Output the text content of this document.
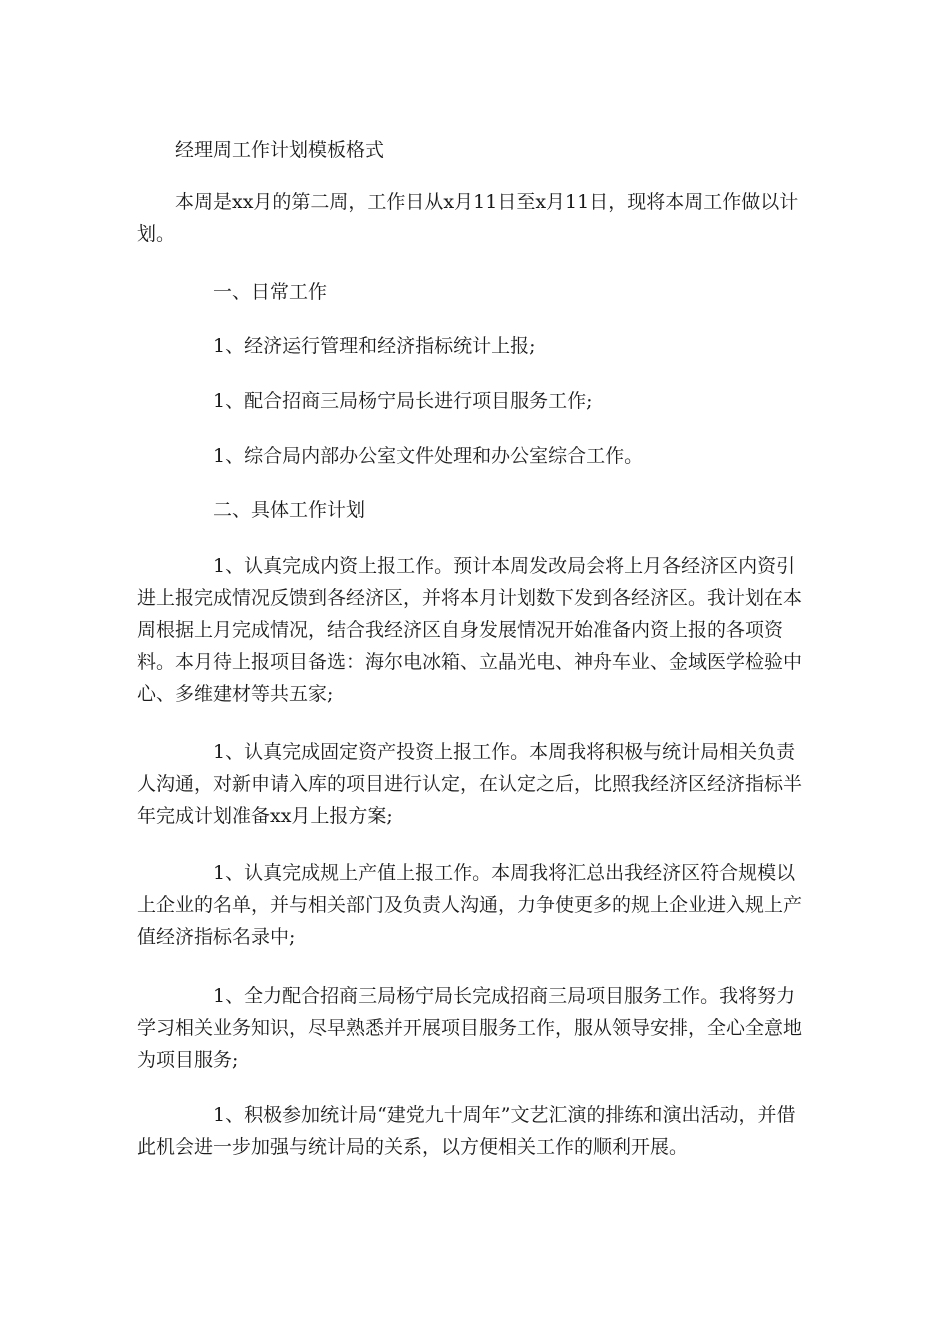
经理周工作计划模板格式

本周是xx月的第二周，工作日从x月11日至x月11日，现将本周工作做以计划。

一、日常工作

1、经济运行管理和经济指标统计上报;

1、配合招商三局杨宁局长进行项目服务工作;

1、综合局内部办公室文件处理和办公室综合工作。

二、具体工作计划

1、认真完成内资上报工作。预计本周发改局会将上月各经济区内资引进上报完成情况反馈到各经济区，并将本月计划数下发到各经济区。我计划在本周根据上月完成情况，结合我经济区自身发展情况开始准备内资上报的各项资料。本月待上报项目备选：海尔电冰箱、立晶光电、神舟车业、金域医学检验中心、多维建材等共五家;

1、认真完成固定资产投资上报工作。本周我将积极与统计局相关负责人沟通，对新申请入库的项目进行认定，在认定之后，比照我经济区经济指标半年完成计划准备xx月上报方案;

1、认真完成规上产值上报工作。本周我将汇总出我经济区符合规模以上企业的名单，并与相关部门及负责人沟通，力争使更多的规上企业进入规上产值经济指标名录中;

1、全力配合招商三局杨宁局长完成招商三局项目服务工作。我将努力学习相关业务知识，尽早熟悉并开展项目服务工作，服从领导安排，全心全意地为项目服务;

1、积极参加统计局“建党九十周年”文艺汇演的排练和演出活动，并借此机会进一步加强与统计局的关系，以方便相关工作的顺利开展。
